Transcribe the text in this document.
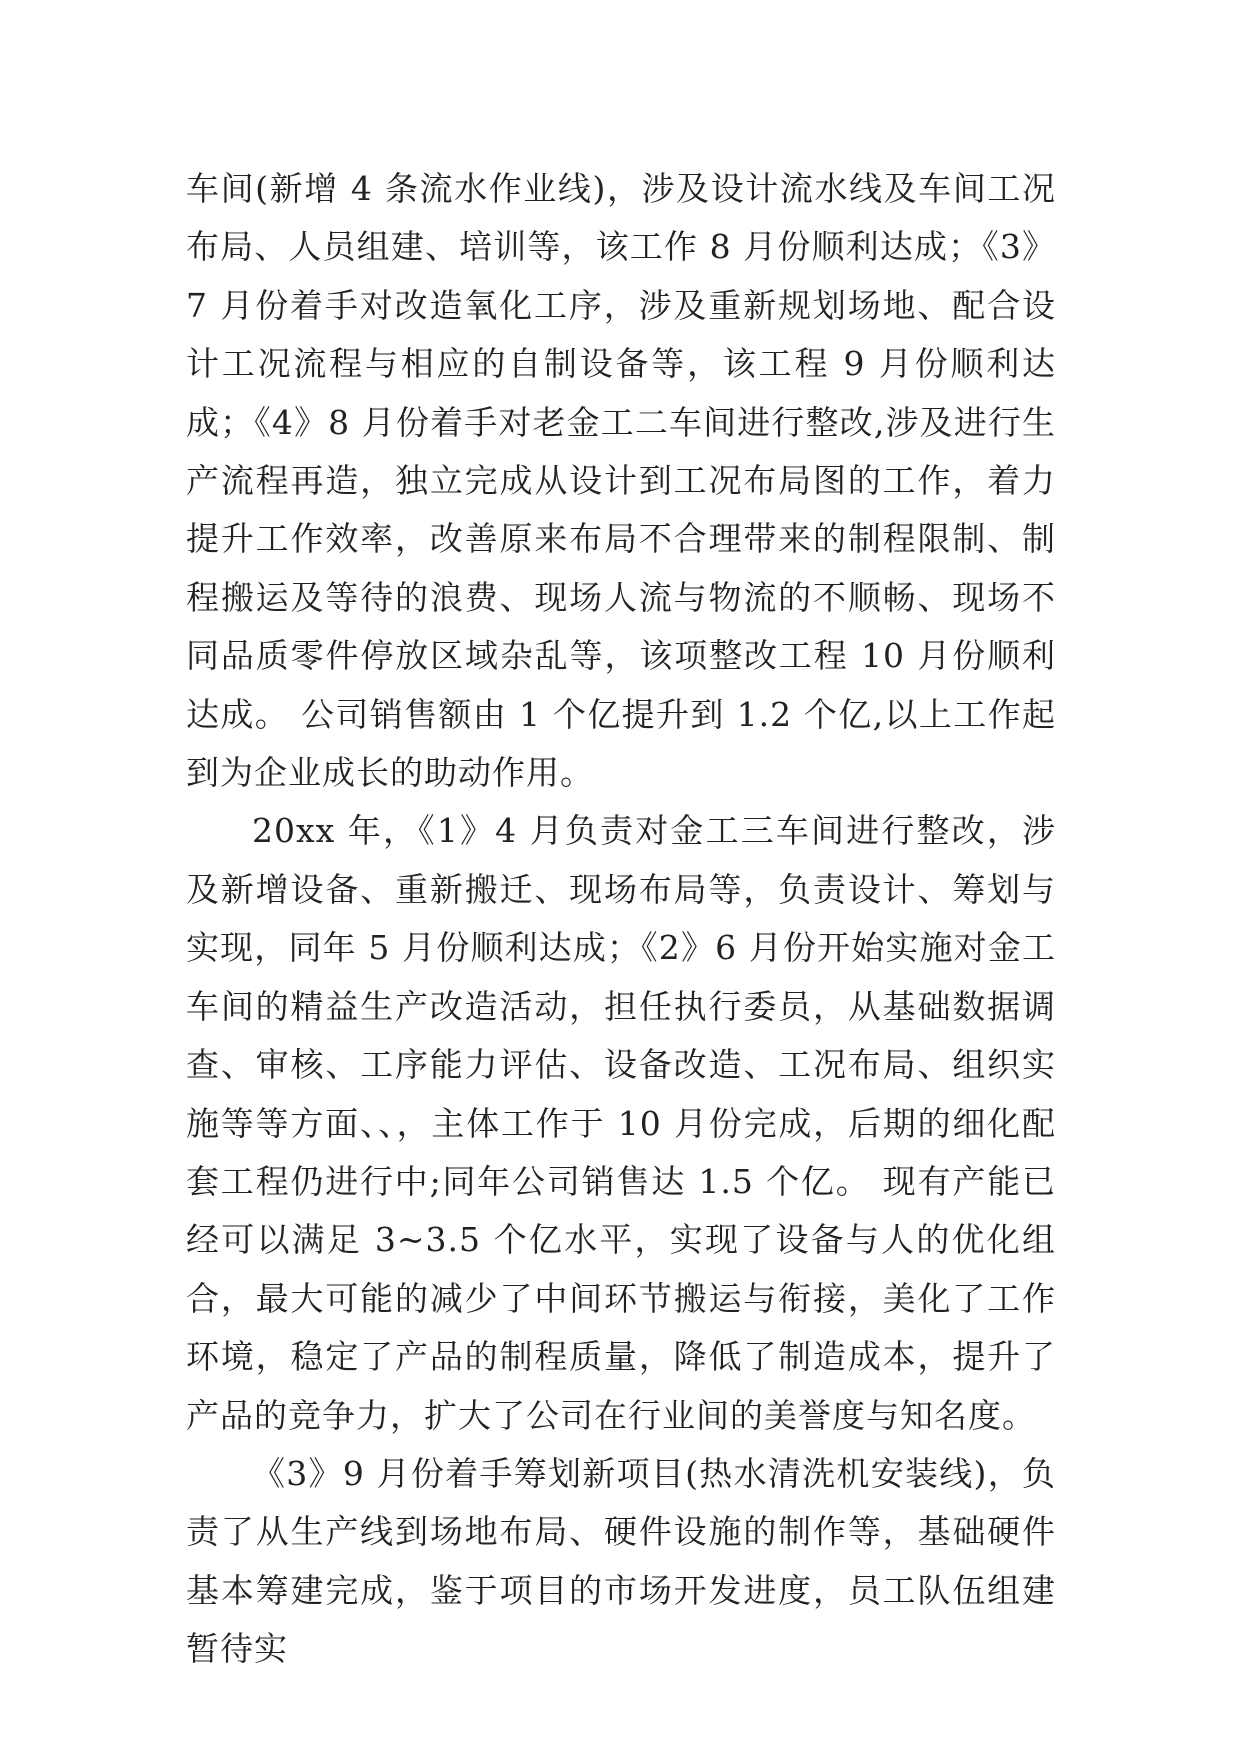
车间(新增 4 条流水作业线)，涉及设计流水线及车间工况布局、人员组建、培训等，该工作 8 月份顺利达成；《3》7 月份着手对改造氧化工序，涉及重新规划场地、配合设计工况流程与相应的自制设备等，该工程 9 月份顺利达成；《4》8 月份着手对老金工二车间进行整改,涉及进行生产流程再造，独立完成从设计到工况布局图的工作，着力提升工作效率，改善原来布局不合理带来的制程限制、制程搬运及等待的浪费、现场人流与物流的不顺畅、现场不同品质零件停放区域杂乱等，该项整改工程 10 月份顺利达成。 公司销售额由 1 个亿提升到 1.2 个亿,以上工作起到为企业成长的助动作用。

20xx 年，《1》4 月负责对金工三车间进行整改，涉及新增设备、重新搬迁、现场布局等，负责设计、筹划与实现，同年 5 月份顺利达成；《2》6 月份开始实施对金工车间的精益生产改造活动，担任执行委员，从基础数据调查、审核、工序能力评估、设备改造、工况布局、组织实施等等方面、、，主体工作于 10 月份完成，后期的细化配套工程仍进行中;同年公司销售达 1.5 个亿。 现有产能已经可以满足 3~3.5 个亿水平，实现了设备与人的优化组合，最大可能的减少了中间环节搬运与衔接，美化了工作环境，稳定了产品的制程质量，降低了制造成本，提升了产品的竞争力，扩大了公司在行业间的美誉度与知名度。

《3》9 月份着手筹划新项目(热水清洗机安装线)，负责了从生产线到场地布局、硬件设施的制作等，基础硬件基本筹建完成，鉴于项目的市场开发进度，员工队伍组建暂待实
